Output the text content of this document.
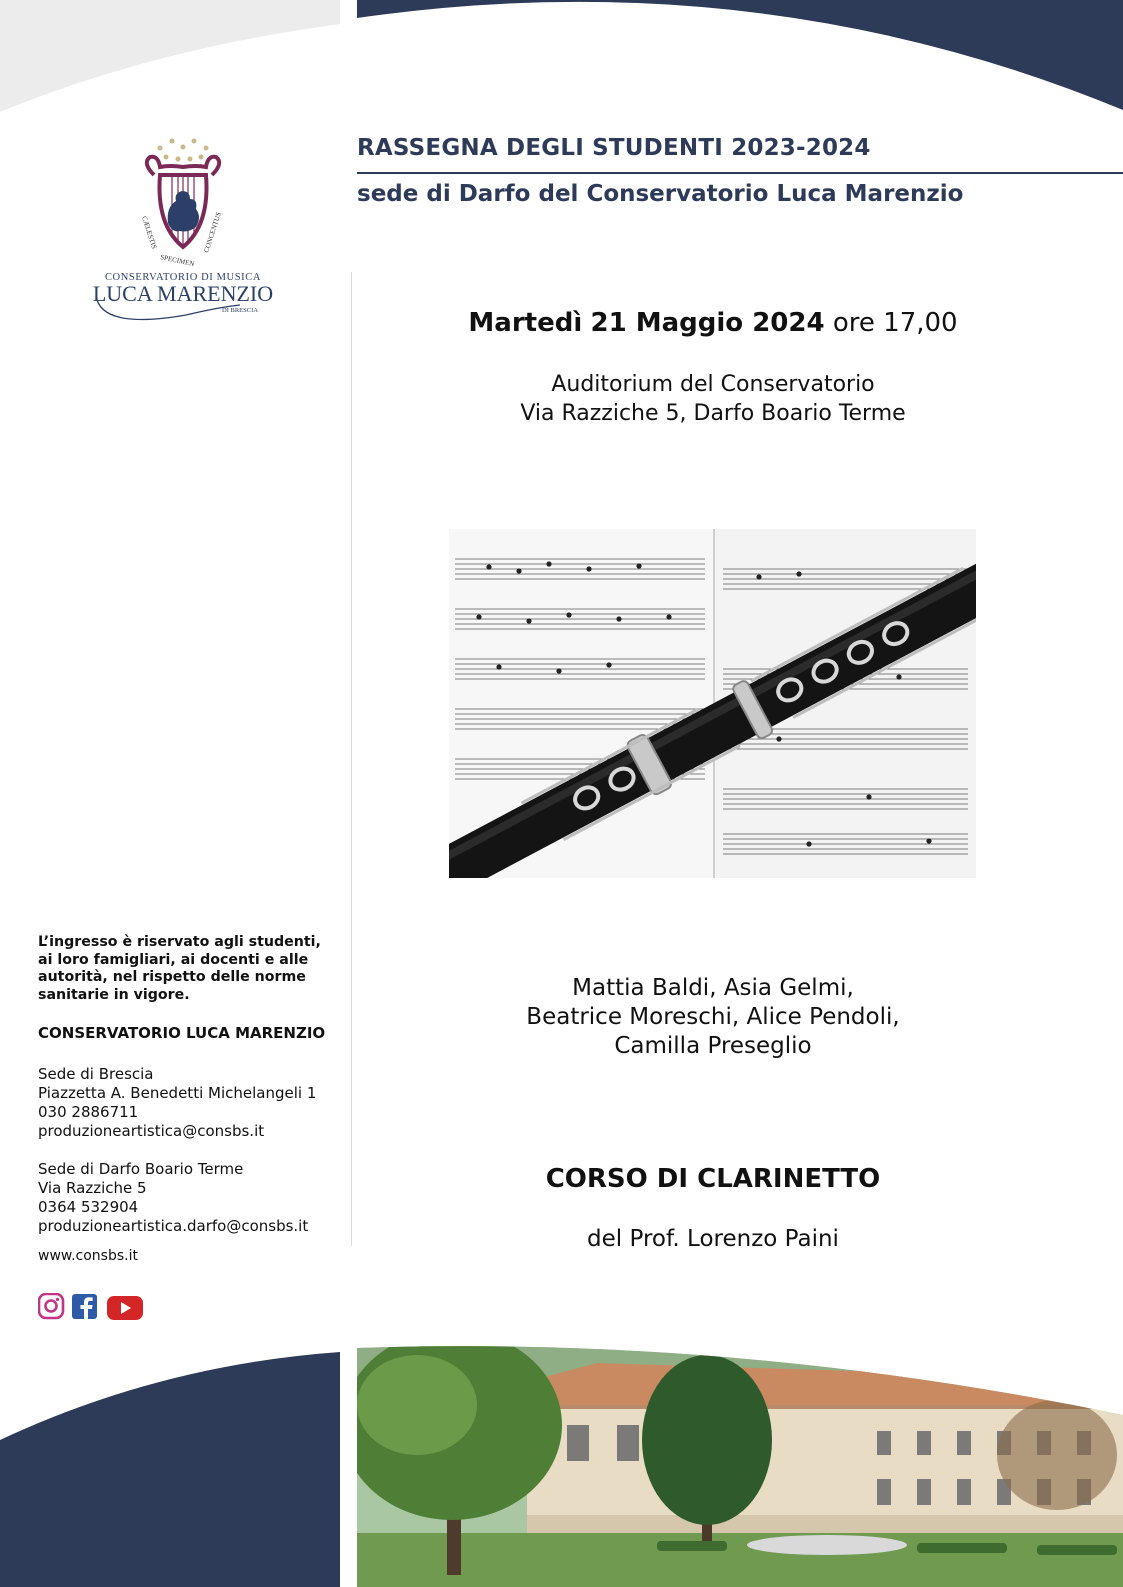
RASSEGNA DEGLI STUDENTI 2023-2024
sede di Darfo del Conservatorio Luca Marenzio
CÆLESTIS
SPECIMEN
CONCENTUS
CONSERVATORIO DI MUSICA
LUCA MARENZIO
DI BRESCIA	Martedì 21 Maggio 2024 ore 17,00
Auditorium del Conservatorio
Via Razziche 5, Darfo Boario Terme
Mattia Baldi, Asia Gelmi,
Beatrice Moreschi, Alice Pendoli,
Camilla Preseglio
CORSO DI CLARINETTO
del Prof. Lorenzo Paini
L’ingresso è riservato agli studenti, ai loro famigliari, ai docenti e alle autorità, nel rispetto delle norme sanitarie in vigore.
CONSERVATORIO LUCA MARENZIO
Sede di Brescia
Piazzetta A. Benedetti Michelangeli 1
030 2886711
produzioneartistica@consbs.it
Sede di Darfo Boario Terme
Via Razziche 5
0364 532904
produzioneartistica.darfo@consbs.it
www.consbs.it
